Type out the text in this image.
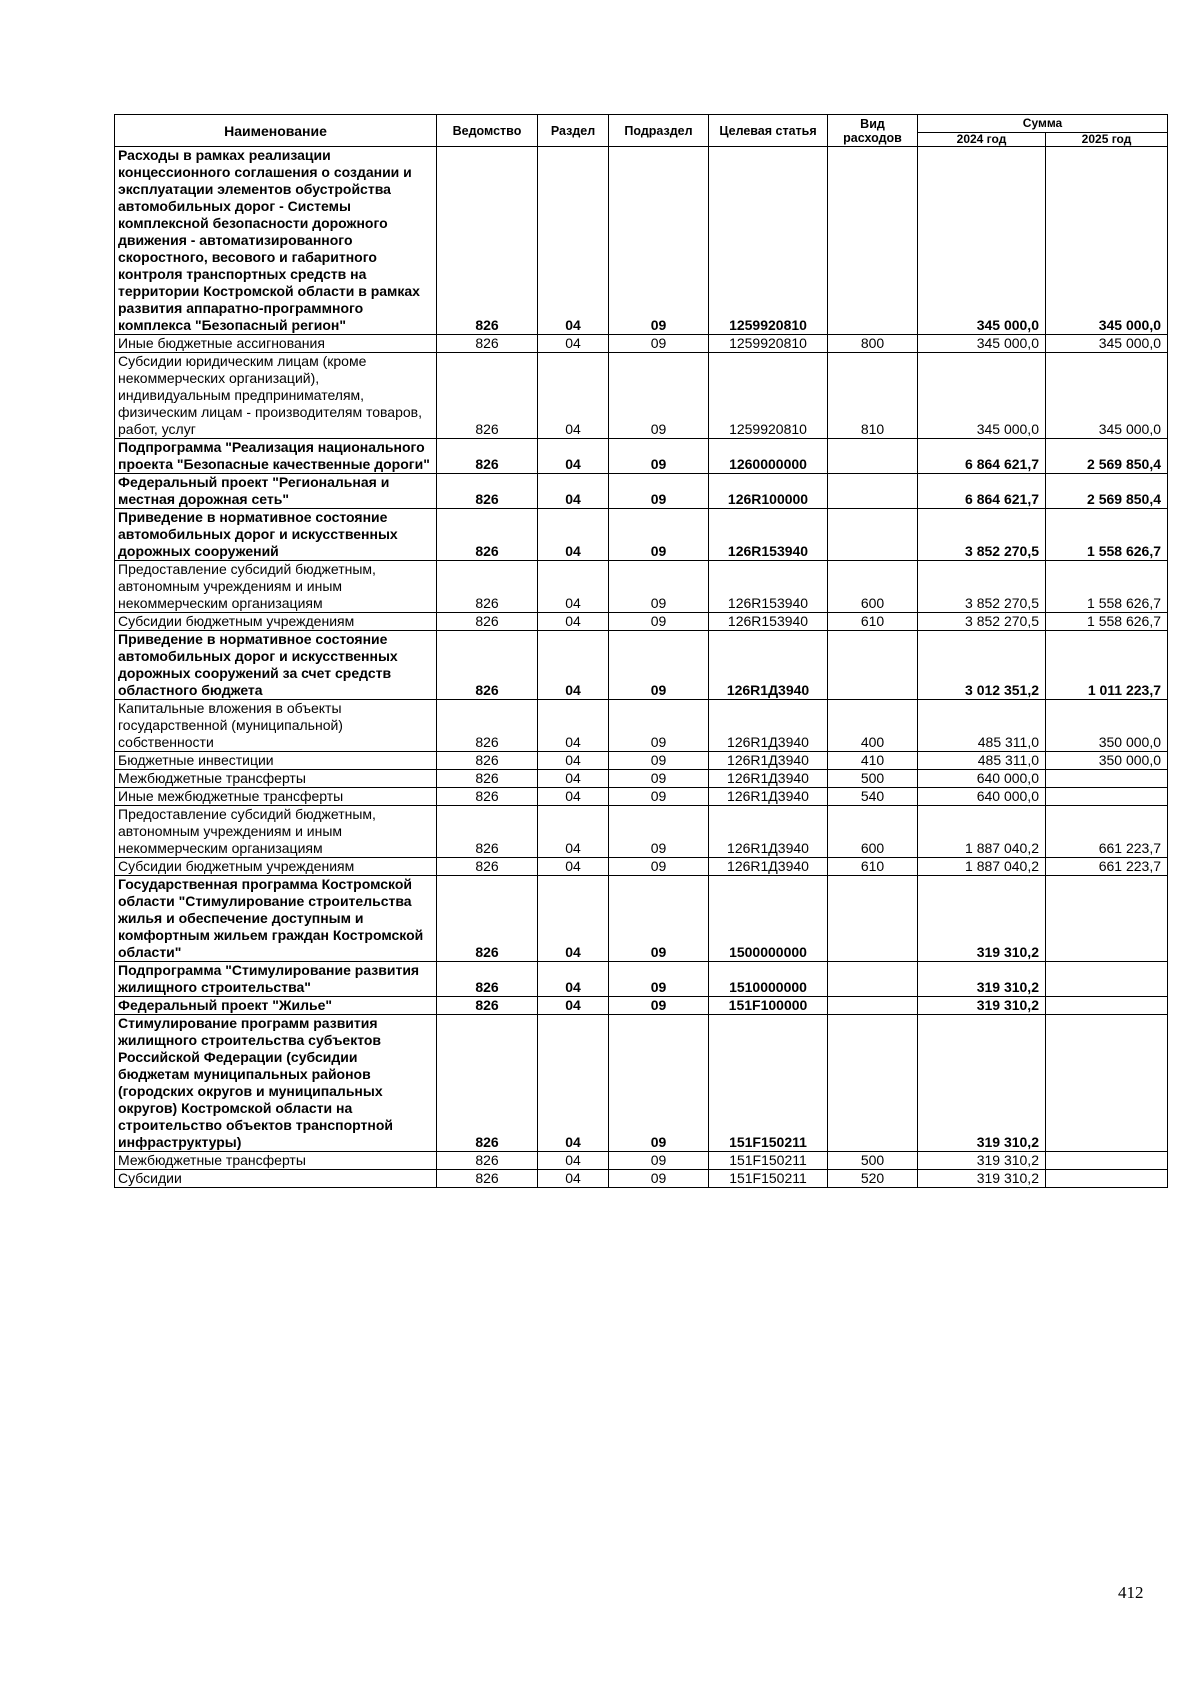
Наименование	Ведомство	Раздел	Подраздел	Целевая статья	Вид расходов	Сумма	
						2024 год	2025 год
Расходы в рамках реализации концессионного соглашения о создании и эксплуатации элементов обустройства автомобильных дорог - Системы комплексной безопасности дорожного движения - автоматизированного скоростного, весового и габаритного контроля транспортных средств на территории Костромской области в рамках развития аппаратно-программного комплекса "Безопасный регион"	826	04	09	1259920810		345 000,0	345 000,0
Иные бюджетные ассигнования	826	04	09	1259920810	800	345 000,0	345 000,0
Субсидии юридическим лицам (кроме некоммерческих организаций), индивидуальным предпринимателям, физическим лицам - производителям товаров, работ, услуг	826	04	09	1259920810	810	345 000,0	345 000,0
Подпрограмма "Реализация национального проекта "Безопасные качественные дороги"	826	04	09	1260000000		6 864 621,7	2 569 850,4
Федеральный проект "Региональная и местная дорожная сеть"	826	04	09	126R100000		6 864 621,7	2 569 850,4
Приведение в нормативное состояние автомобильных дорог и искусственных дорожных сооружений	826	04	09	126R153940		3 852 270,5	1 558 626,7
Предоставление субсидий бюджетным, автономным учреждениям и иным некоммерческим организациям	826	04	09	126R153940	600	3 852 270,5	1 558 626,7
Субсидии бюджетным учреждениям	826	04	09	126R153940	610	3 852 270,5	1 558 626,7
Приведение в нормативное состояние автомобильных дорог и искусственных дорожных сооружений за счет средств областного бюджета	826	04	09	126R1Д3940		3 012 351,2	1 011 223,7
Капитальные вложения в объекты государственной (муниципальной) собственности	826	04	09	126R1Д3940	400	485 311,0	350 000,0
Бюджетные инвестиции	826	04	09	126R1Д3940	410	485 311,0	350 000,0
Межбюджетные трансферты	826	04	09	126R1Д3940	500	640 000,0	
Иные межбюджетные трансферты	826	04	09	126R1Д3940	540	640 000,0	
Предоставление субсидий бюджетным, автономным учреждениям и иным некоммерческим организациям	826	04	09	126R1Д3940	600	1 887 040,2	661 223,7
Субсидии бюджетным учреждениям	826	04	09	126R1Д3940	610	1 887 040,2	661 223,7
Государственная программа Костромской области "Стимулирование строительства жилья и обеспечение доступным и комфортным жильем граждан Костромской области"	826	04	09	1500000000		319 310,2	
Подпрограмма "Стимулирование развития жилищного строительства"	826	04	09	1510000000		319 310,2	
Федеральный проект "Жилье"	826	04	09	151F100000		319 310,2	
Стимулирование программ развития жилищного строительства субъектов Российской Федерации (субсидии бюджетам муниципальных районов (городских округов и муниципальных округов) Костромской области на строительство объектов транспортной инфраструктуры)	826	04	09	151F150211		319 310,2	
Межбюджетные трансферты	826	04	09	151F150211	500	319 310,2	
Субсидии	826	04	09	151F150211	520	319 310,2	
412
